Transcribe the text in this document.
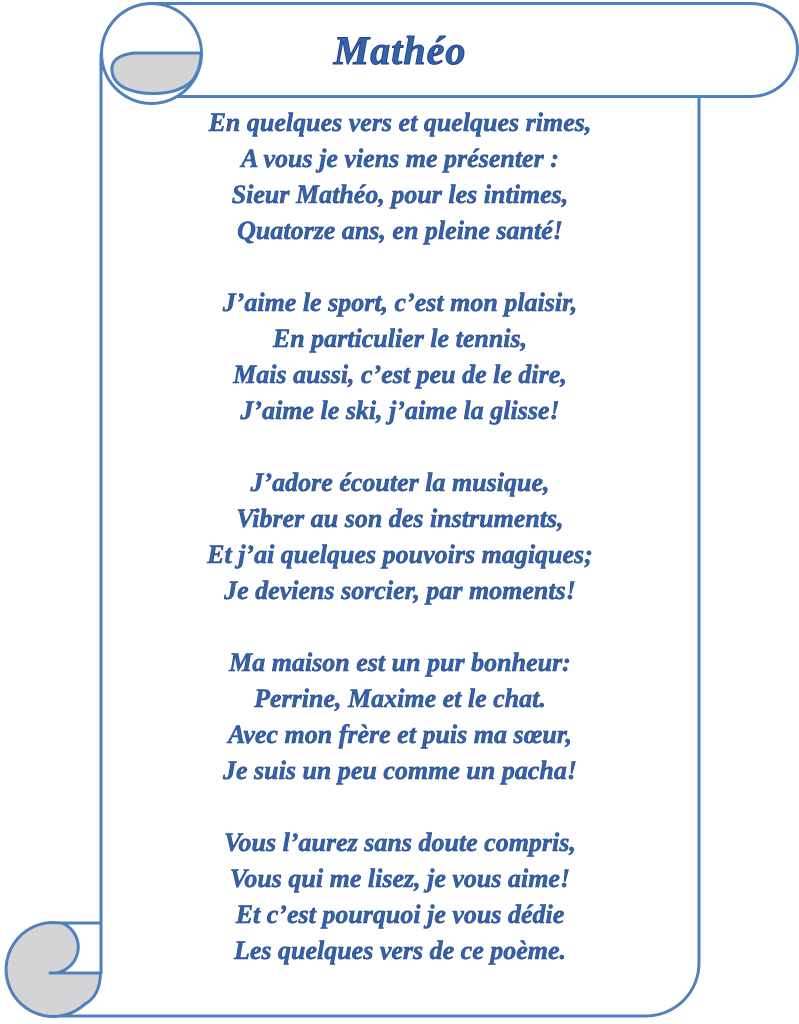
Mathéo
En quelques vers et quelques rimes,
A vous je viens me présenter :
Sieur Mathéo, pour les intimes,
Quatorze ans, en pleine santé!
J’aime le sport, c’est mon plaisir,
En particulier le tennis,
Mais aussi, c’est peu de le dire,
J’aime le ski, j’aime la glisse!
J’adore écouter la musique,
Vibrer au son des instruments,
Et j’ai quelques pouvoirs magiques;
Je deviens sorcier, par moments!
Ma maison est un pur bonheur:
Perrine, Maxime et le chat.
Avec mon frère et puis ma sœur,
Je suis un peu comme un pacha!
Vous l’aurez sans doute compris,
Vous qui me lisez, je vous aime!
Et c’est pourquoi je vous dédie
Les quelques vers de ce poème.
